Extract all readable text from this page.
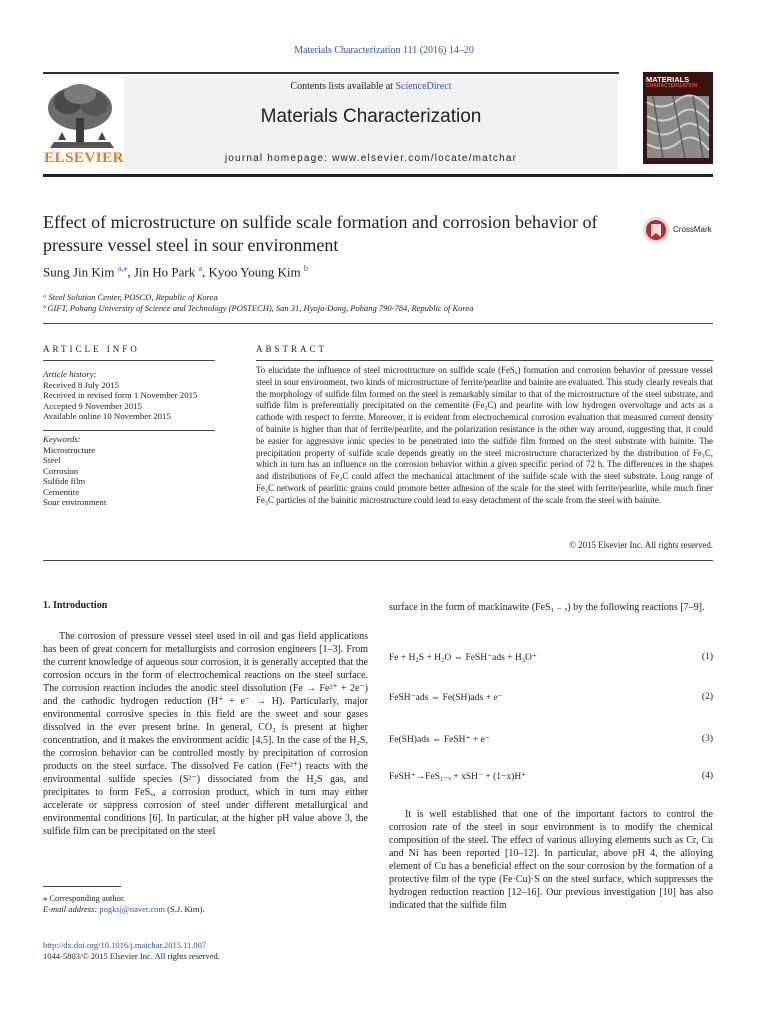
Materials Characterization 111 (2016) 14–20
Contents lists available at ScienceDirect
Materials Characterization
journal homepage: www.elsevier.com/locate/matchar
ELSEVIER
MATERIALS
CHARACTERIZATION
Effect of microstructure on sulfide scale formation and corrosion behavior of pressure vessel steel in sour environment
CrossMark
Sung Jin Kim $^{a,⁎}$, Jin Ho Park $^a$, Kyoo Young Kim $^b$
ᵃ Steel Solution Center, POSCO, Republic of Korea
ᵇ GIFT, Pohang University of Science and Technology (POSTECH), San 31, Hyoja-Dong, Pohang 790-784, Republic of Korea
ARTICLE INFO
Article history:
Received 8 July 2015
Received in revised form 1 November 2015
Accepted 9 November 2015
Available online 10 November 2015
Keywords:
Microstructure
Steel
Corrosion
Sulfide film
Cementite
Sour environment
ABSTRACT
To elucidate the influence of steel microstructure on sulfide scale (FeSₓ) formation and corrosion behavior of pressure vessel steel in sour environment, two kinds of microstructure of ferrite/pearlite and bainite are evaluated. This study clearly reveals that the morphology of sulfide film formed on the steel is remarkably similar to that of the microstructure of the steel substrate, and sulfide film is preferentially precipitated on the cementite (Fe₃C) and pearlite with low hydrogen overvoltage and acts as a cathode with respect to ferrite. Moreover, it is evident from electrochemical corrosion evaluation that measured current density of bainite is higher than that of ferrite/pearlite, and the polarization resistance is the other way around, suggesting that, it could be easier for aggressive ionic species to be penetrated into the sulfide film formed on the steel substrate with bainite. The precipitation property of sulfide scale depends greatly on the steel microstructure characterized by the distribution of Fe₃C, which in turn has an influence on the corrosion behavior within a given specific period of 72 h. The differences in the shapes and distributions of Fe₃C could affect the mechanical attachment of the sulfide scale with the steel substrate. Long range of Fe₃C network of pearlitic grains could promote better adhesion of the scale for the steel with ferrite/pearlite, while much finer Fe₃C particles of the bainitic microstructure could lead to easy detachment of the scale from the steel with bainite.
© 2015 Elsevier Inc. All rights reserved.
1. Introduction
The corrosion of pressure vessel steel used in oil and gas field applications has been of great concern for metallurgists and corrosion engineers [1–3]. From the current knowledge of aqueous sour corrosion, it is generally accepted that the corrosion occurs in the form of electrochemical reactions on the steel surface. The corrosion reaction includes the anodic steel dissolution (Fe → Fe²⁺ + 2e⁻) and the cathodic hydrogen reduction (H⁺ + e⁻ → H). Particularly, major environmental corrosive species in this field are the sweet and sour gases dissolved in the ever present brine. In general, CO₂ is present at higher concentration, and it makes the environment acidic [4,5]. In the case of the H₂S, the corrosion behavior can be controlled mostly by precipitation of corrosion products on the steel surface. The dissolved Fe cation (Fe²⁺) reacts with the environmental sulfide species (S²⁻) dissociated from the H₂S gas, and precipitates to form FeSₓ, a corrosion product, which in turn may either accelerate or suppress corrosion of steel under different metallurgical and environmental conditions [6]. In particular, at the higher pH value above 3, the sulfide film can be precipitated on the steel
surface in the form of mackinawite (FeS₁ ₋ ₓ) by the following reactions [7–9].
Fe + H₂S + H₂O ⇔ FeSH⁻ads + H₃O⁺	(1)
FeSH⁻ads ⇔ Fe(SH)ads + e⁻	(2)
Fe(SH)ads ⇔ FeSH⁺ + e⁻	(3)
FeSH⁺→FeS₁₋ₓ + xSH⁻ + (1−x)H⁺	(4)
It is well established that one of the important factors to control the corrosion rate of the steel in sour environment is to modify the chemical composition of the steel. The effect of various alloying elements such as Cr, Cu and Ni has been reported [10–12]. In particular, above pH 4, the alloying element of Cu has a beneficial effect on the sour corrosion by the formation of a protective film of the type (Fe·Cu)·S on the steel surface, which suppresses the hydrogen reduction reaction [12–16]. Our previous investigation [10] has also indicated that the sulfide film
⁎ Corresponding author.
E-mail address: pogksj@naver.com (S.J. Kim).
http://dx.doi.org/10.1016/j.matchar.2015.11.007
1044-5803/© 2015 Elsevier Inc. All rights reserved.
